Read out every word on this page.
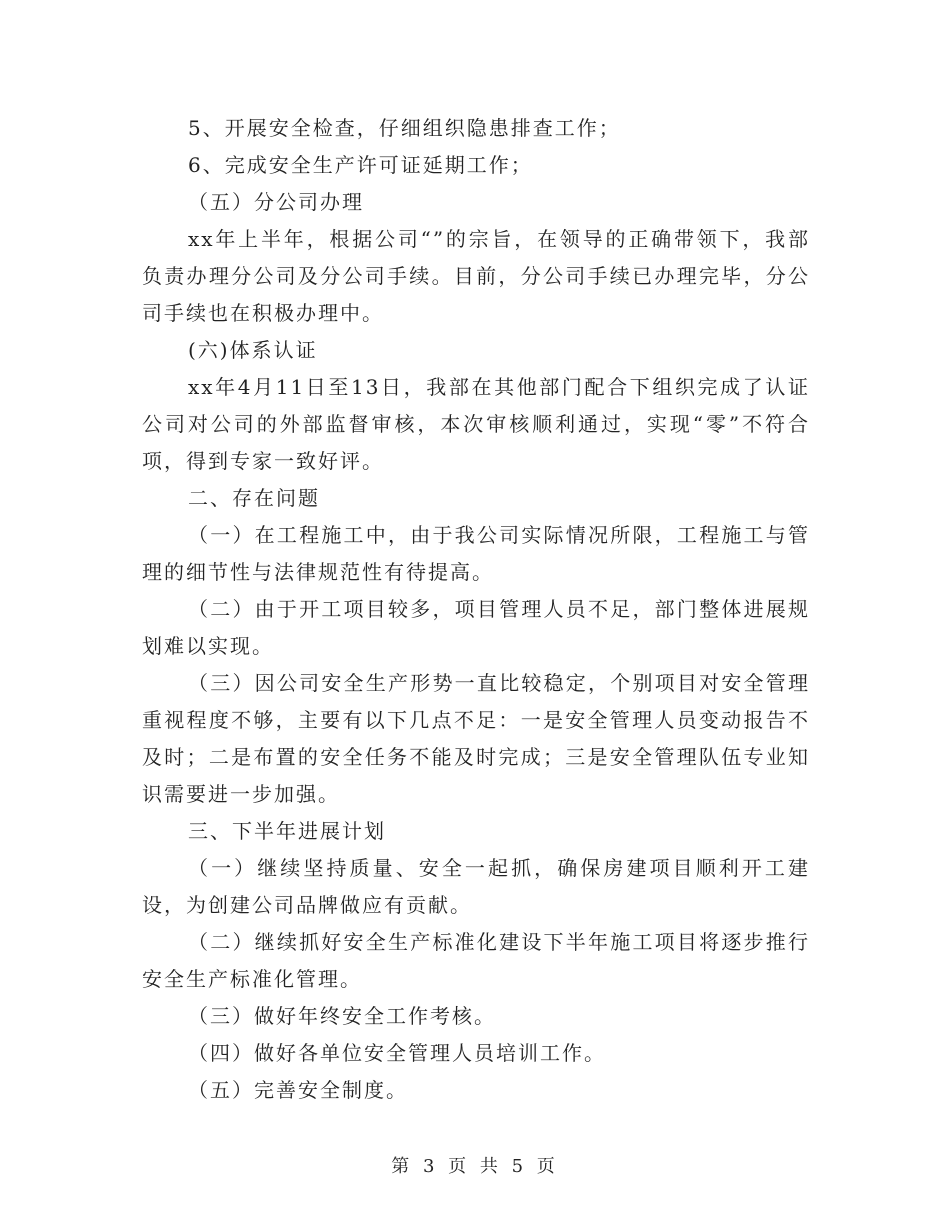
5、开展安全检查，仔细组织隐患排查工作；

6、完成安全生产许可证延期工作；

（五）分公司办理

xx年上半年，根据公司“”的宗旨，在领导的正确带领下，我部负责办理分公司及分公司手续。目前，分公司手续已办理完毕，分公司手续也在积极办理中。

(六)体系认证

xx年4月11日至13日，我部在其他部门配合下组织完成了认证公司对公司的外部监督审核，本次审核顺利通过，实现“零”不符合项，得到专家一致好评。

二、存在问题

（一）在工程施工中，由于我公司实际情况所限，工程施工与管理的细节性与法律规范性有待提高。

（二）由于开工项目较多，项目管理人员不足，部门整体进展规划难以实现。

（三）因公司安全生产形势一直比较稳定，个别项目对安全管理重视程度不够，主要有以下几点不足：一是安全管理人员变动报告不及时；二是布置的安全任务不能及时完成；三是安全管理队伍专业知识需要进一步加强。

三、下半年进展计划

（一）继续坚持质量、安全一起抓，确保房建项目顺利开工建设，为创建公司品牌做应有贡献。

（二）继续抓好安全生产标准化建设下半年施工项目将逐步推行安全生产标准化管理。

（三）做好年终安全工作考核。

（四）做好各单位安全管理人员培训工作。

（五）完善安全制度。

第 3 页 共 5 页
